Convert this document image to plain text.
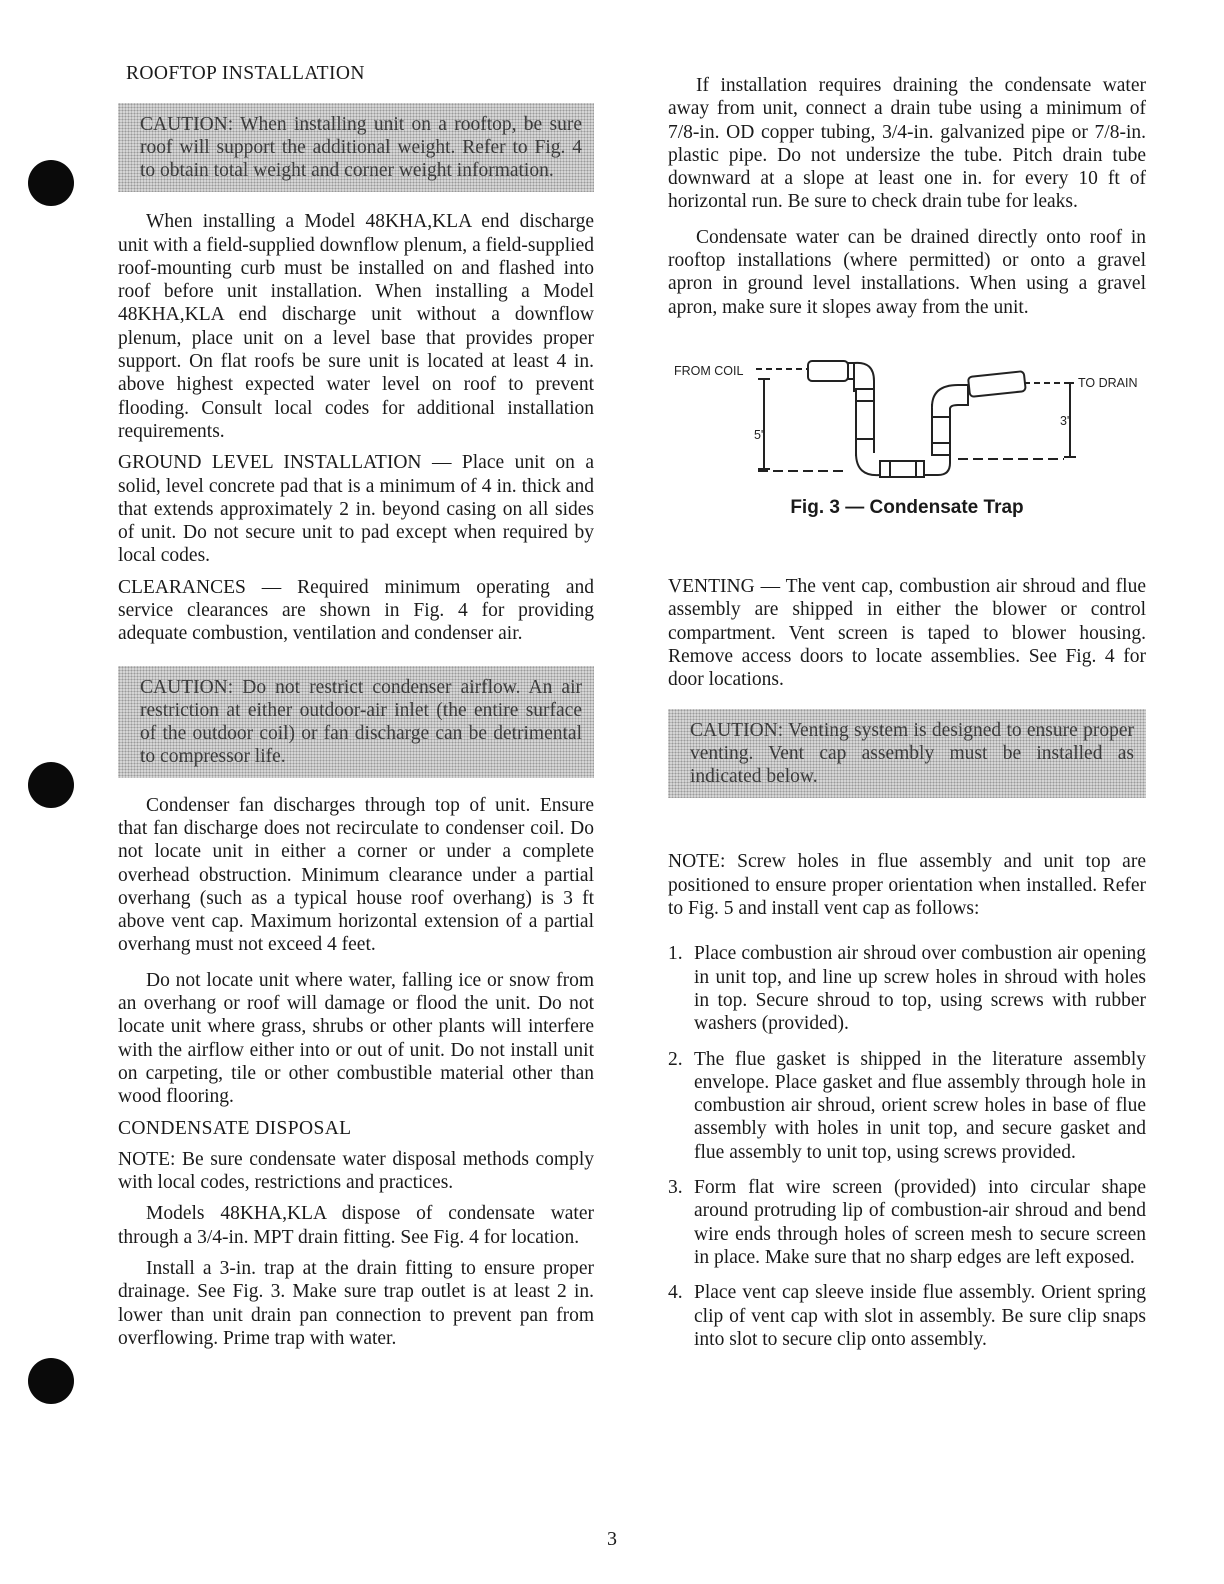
ROOFTOP INSTALLATION

CAUTION: When installing unit on a rooftop, be sure roof will support the additional weight. Refer to Fig. 4 to obtain total weight and corner weight information.

When installing a Model 48KHA,KLA end discharge unit with a field-supplied downflow plenum, a field-supplied roof-mounting curb must be installed on and flashed into roof before unit installation. When installing a Model 48KHA,KLA end discharge unit without a downflow plenum, place unit on a level base that provides proper support. On flat roofs be sure unit is located at least 4 in. above highest expected water level on roof to prevent flooding. Consult local codes for additional installation requirements.

GROUND LEVEL INSTALLATION — Place unit on a solid, level concrete pad that is a minimum of 4 in. thick and that extends approximately 2 in. beyond casing on all sides of unit. Do not secure unit to pad except when required by local codes.

CLEARANCES — Required minimum operating and service clearances are shown in Fig. 4 for providing adequate combustion, ventilation and condenser air.

CAUTION: Do not restrict condenser airflow. An air restriction at either outdoor-air inlet (the entire surface of the outdoor coil) or fan discharge can be detrimental to compressor life.

Condenser fan discharges through top of unit. Ensure that fan discharge does not recirculate to condenser coil. Do not locate unit in either a corner or under a complete overhead obstruction. Minimum clearance under a partial overhang (such as a typical house roof overhang) is 3 ft above vent cap. Maximum horizontal extension of a partial overhang must not exceed 4 feet.

Do not locate unit where water, falling ice or snow from an overhang or roof will damage or flood the unit. Do not locate unit where grass, shrubs or other plants will interfere with the airflow either into or out of unit. Do not install unit on carpeting, tile or other combustible material other than wood flooring.

CONDENSATE DISPOSAL

NOTE: Be sure condensate water disposal methods comply with local codes, restrictions and practices.

Models 48KHA,KLA dispose of condensate water through a 3/4-in. MPT drain fitting. See Fig. 4 for location.

Install a 3-in. trap at the drain fitting to ensure proper drainage. See Fig. 3. Make sure trap outlet is at least 2 in. lower than unit drain pan connection to prevent pan from overflowing. Prime trap with water.

If installation requires draining the condensate water away from unit, connect a drain tube using a minimum of 7/8-in. OD copper tubing, 3/4-in. galvanized pipe or 7/8-in. plastic pipe. Do not undersize the tube. Pitch drain tube downward at a slope at least one in. for every 10 ft of horizontal run. Be sure to check drain tube for leaks.

Condensate water can be drained directly onto roof in rooftop installations (where permitted) or onto a gravel apron in ground level installations. When using a gravel apron, make sure it slopes away from the unit.

FROM COIL
TO DRAIN
5"
3"
Fig. 3 — Condensate Trap

VENTING — The vent cap, combustion air shroud and flue assembly are shipped in either the blower or control compartment. Vent screen is taped to blower housing. Remove access doors to locate assemblies. See Fig. 4 for door locations.

CAUTION: Venting system is designed to ensure proper venting. Vent cap assembly must be installed as indicated below.

NOTE: Screw holes in flue assembly and unit top are positioned to ensure proper orientation when installed. Refer to Fig. 5 and install vent cap as follows:

1. Place combustion air shroud over combustion air opening in unit top, and line up screw holes in shroud with holes in top. Secure shroud to top, using screws with rubber washers (provided).
2. The flue gasket is shipped in the literature assembly envelope. Place gasket and flue assembly through hole in combustion air shroud, orient screw holes in base of flue assembly with holes in unit top, and secure gasket and flue assembly to unit top, using screws provided.
3. Form flat wire screen (provided) into circular shape around protruding lip of combustion-air shroud and bend wire ends through holes of screen mesh to secure screen in place. Make sure that no sharp edges are left exposed.
4. Place vent cap sleeve inside flue assembly. Orient spring clip of vent cap with slot in assembly. Be sure clip snaps into slot to secure clip onto assembly.
3
